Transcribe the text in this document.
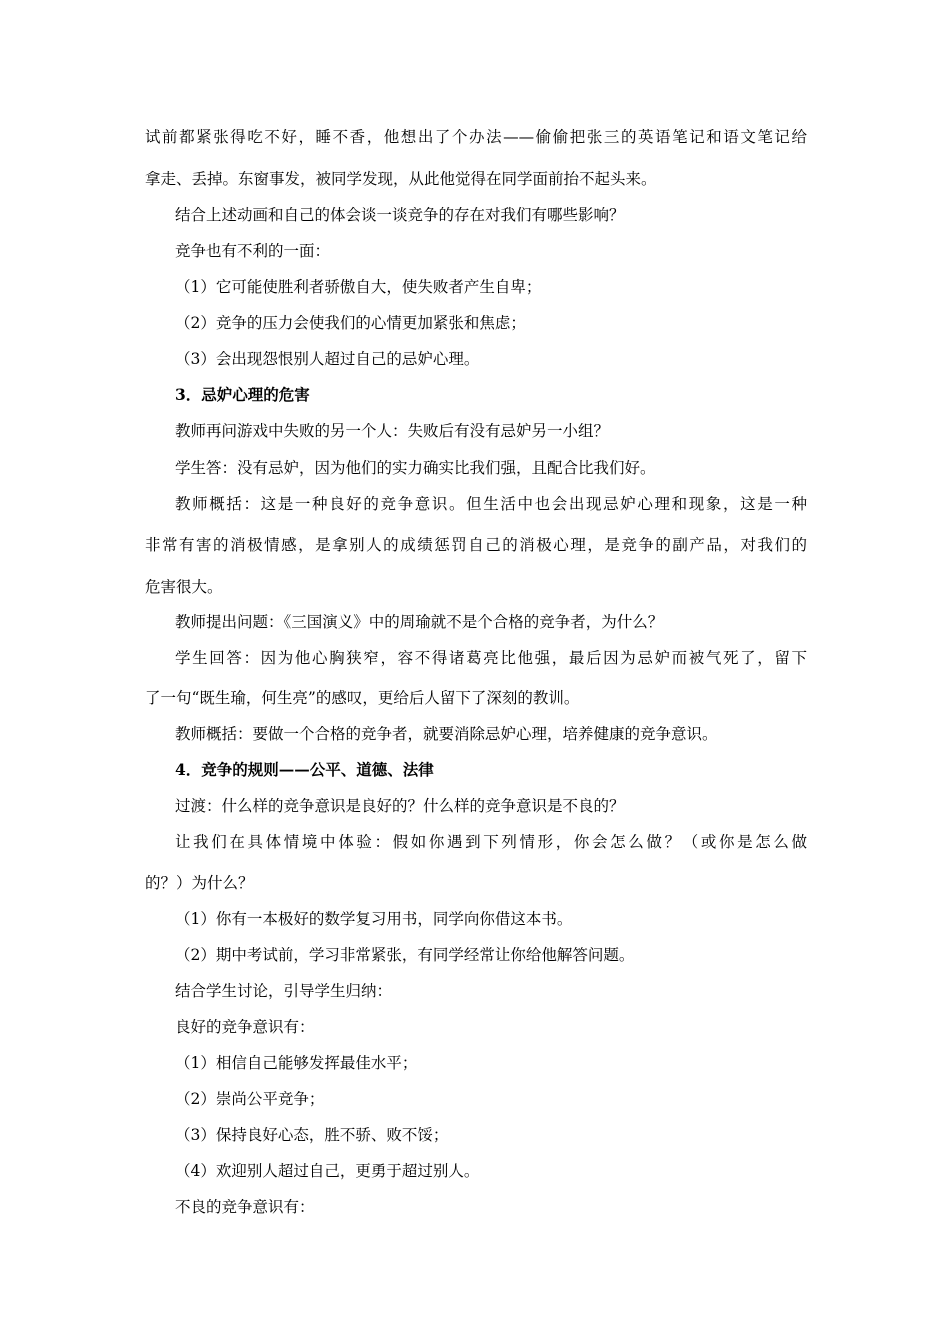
试前都紧张得吃不好，睡不香，他想出了个办法——偷偷把张三的英语笔记和语文笔记给
拿走、丢掉。东窗事发，被同学发现，从此他觉得在同学面前抬不起头来。
结合上述动画和自己的体会谈一谈竞争的存在对我们有哪些影响？
竞争也有不利的一面：
（1）它可能使胜利者骄傲自大，使失败者产生自卑；
（2）竞争的压力会使我们的心情更加紧张和焦虑；
（3）会出现怨恨别人超过自己的忌妒心理。
3．忌妒心理的危害
教师再问游戏中失败的另一个人：失败后有没有忌妒另一小组？
学生答：没有忌妒，因为他们的实力确实比我们强，且配合比我们好。
教师概括：这是一种良好的竞争意识。但生活中也会出现忌妒心理和现象，这是一种
非常有害的消极情感，是拿别人的成绩惩罚自己的消极心理，是竞争的副产品，对我们的
危害很大。
教师提出问题：《三国演义》中的周瑜就不是个合格的竞争者，为什么？
学生回答：因为他心胸狭窄，容不得诸葛亮比他强，最后因为忌妒而被气死了，留下
了一句“既生瑜，何生亮”的感叹，更给后人留下了深刻的教训。
教师概括：要做一个合格的竞争者，就要消除忌妒心理，培养健康的竞争意识。
4．竞争的规则——公平、道德、法律
过渡：什么样的竞争意识是良好的？什么样的竞争意识是不良的？
让我们在具体情境中体验：假如你遇到下列情形，你会怎么做？（或你是怎么做
的？）为什么？
（1）你有一本极好的数学复习用书，同学向你借这本书。
（2）期中考试前，学习非常紧张，有同学经常让你给他解答问题。
结合学生讨论，引导学生归纳：
良好的竞争意识有：
（1）相信自己能够发挥最佳水平；
（2）崇尚公平竞争；
（3）保持良好心态，胜不骄、败不馁；
（4）欢迎别人超过自己，更勇于超过别人。
不良的竞争意识有：
